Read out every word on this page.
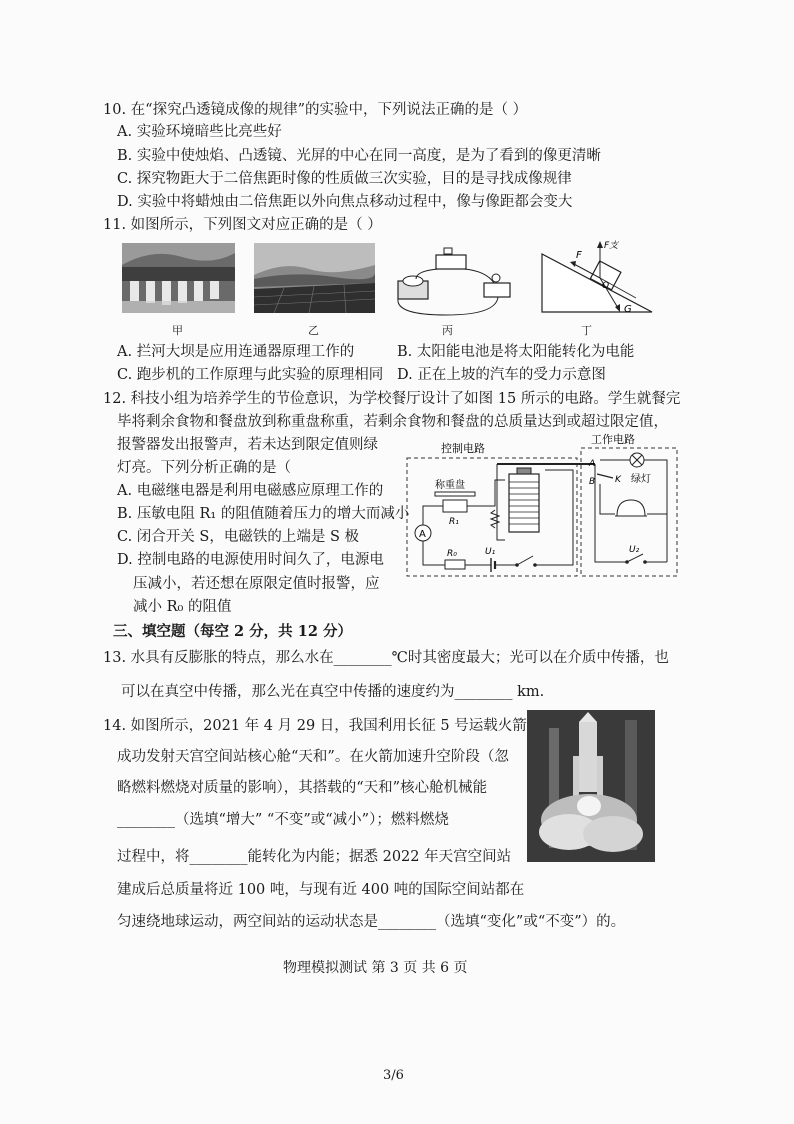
10. 在“探究凸透镜成像的规律”的实验中，下列说法正确的是（ ）
A. 实验环境暗些比亮些好
B. 实验中使烛焰、凸透镜、光屏的中心在同一高度，是为了看到的像更清晰
C. 探究物距大于二倍焦距时像的性质做三次实验，目的是寻找成像规律
D. 实验中将蜡烛由二倍焦距以外向焦点移动过程中，像与像距都会变大
11. 如图所示，下列图文对应正确的是（ ）
甲	乙	丙
F
F支
O
G
丁
A. 拦河大坝是应用连通器原理工作的	B. 太阳能电池是将太阳能转化为电能
C. 跑步机的工作原理与此实验的原理相同 D. 正在上坡的汽车的受力示意图
12. 科技小组为培养学生的节俭意识，为学校餐厅设计了如图 15 所示的电路。学生就餐完
毕将剩余食物和餐盘放到称重盘称重，若剩余食物和餐盘的总质量达到或超过限定值，
报警器发出报警声，若未达到限定值则绿
灯亮。下列分析正确的是（
A. 电磁继电器是利用电磁感应原理工作的
B. 压敏电阻 R₁ 的阻值随着压力的增大而减小
C. 闭合开关 S，电磁铁的上端是 S 极
D. 控制电路的电源使用时间久了，电源电
压减小，若还想在原限定值时报警，应
减小 R₀ 的阻值
控制电路
工作电路
称重盘
R₁
A
R₀	U₁
A
B K 绿灯
U₂
三、填空题（每空 2 分，共 12 分）
13. 水具有反膨胀的特点，那么水在________℃时其密度最大；光可以在介质中传播，也
可以在真空中传播，那么光在真空中传播的速度约为________ km.
14. 如图所示，2021 年 4 月 29 日，我国利用长征 5 号运载火箭
成功发射天宫空间站核心舱“天和”。在火箭加速升空阶段（忽
略燃料燃烧对质量的影响），其搭载的“天和”核心舱机械能
________（选填“增大” “不变”或“减小”）；燃料燃烧
过程中，将________能转化为内能；据悉 2022 年天宫空间站
建成后总质量将近 100 吨，与现有近 400 吨的国际空间站都在
匀速绕地球运动，两空间站的运动状态是________（选填“变化”或“不变”）的。
物理模拟测试 第 3 页 共 6 页
3/6
